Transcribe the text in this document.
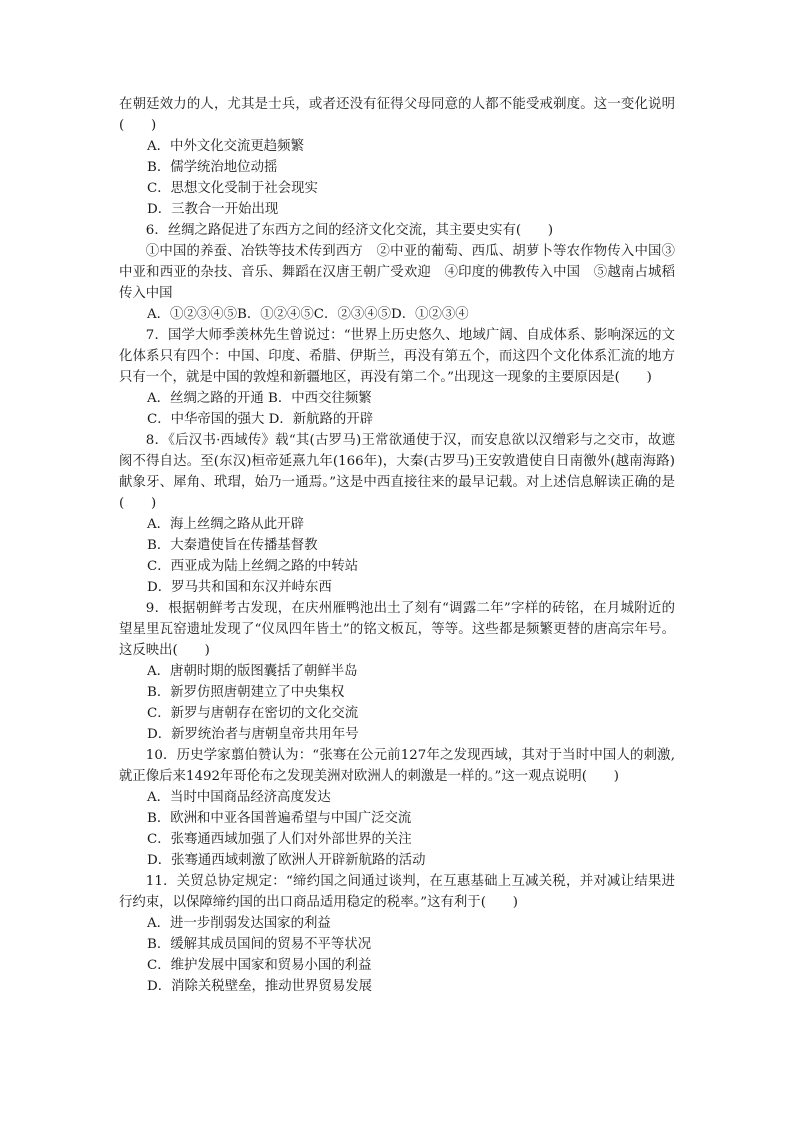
在朝廷效力的人，尤其是士兵，或者还没有征得父母同意的人都不能受戒剃度。这一变化说明(　　)

A．中外文化交流更趋频繁

B．儒学统治地位动摇

C．思想文化受制于社会现实

D．三教合一开始出现

6．丝绸之路促进了东西方之间的经济文化交流，其主要史实有(　　)

①中国的养蚕、冶铁等技术传到西方　②中亚的葡萄、西瓜、胡萝卜等农作物传入中国③中亚和西亚的杂技、音乐、舞蹈在汉唐王朝广受欢迎　④印度的佛教传入中国　⑤越南占城稻传入中国

A．①②③④⑤B．①②④⑤C．②③④⑤D．①②③④

7．国学大师季羡林先生曾说过：“世界上历史悠久、地域广阔、自成体系、影响深远的文化体系只有四个：中国、印度、希腊、伊斯兰，再没有第五个，而这四个文化体系汇流的地方只有一个，就是中国的敦煌和新疆地区，再没有第二个。”出现这一现象的主要原因是(　　)

A．丝绸之路的开通 B．中西交往频繁

C．中华帝国的强大 D．新航路的开辟

8．《后汉书·西域传》载“其(古罗马)王常欲通使于汉，而安息欲以汉缯彩与之交市，故遮阂不得自达。至(东汉)桓帝延熹九年(166年)，大秦(古罗马)王安敦遣使自日南徼外(越南海路)献象牙、犀角、玳瑁，始乃一通焉。”这是中西直接往来的最早记载。对上述信息解读正确的是(　　)

A．海上丝绸之路从此开辟

B．大秦遣使旨在传播基督教

C．西亚成为陆上丝绸之路的中转站

D．罗马共和国和东汉并峙东西

9．根据朝鲜考古发现，在庆州雁鸭池出土了刻有“调露二年”字样的砖铭，在月城附近的望星里瓦窑遗址发现了“仪凤四年皆土”的铭文板瓦，等等。这些都是频繁更替的唐高宗年号。这反映出(　　)

A．唐朝时期的版图囊括了朝鲜半岛

B．新罗仿照唐朝建立了中央集权

C．新罗与唐朝存在密切的文化交流

D．新罗统治者与唐朝皇帝共用年号

10．历史学家翦伯赞认为：“张骞在公元前127年之发现西域，其对于当时中国人的刺激,就正像后来1492年哥伦布之发现美洲对欧洲人的刺激是一样的。”这一观点说明(　　)

A．当时中国商品经济高度发达

B．欧洲和中亚各国普遍希望与中国广泛交流

C．张骞通西域加强了人们对外部世界的关注

D．张骞通西域刺激了欧洲人开辟新航路的活动

11．关贸总协定规定：“缔约国之间通过谈判，在互惠基础上互减关税，并对减让结果进行约束，以保障缔约国的出口商品适用稳定的税率。”这有利于(　　)

A．进一步削弱发达国家的利益

B．缓解其成员国间的贸易不平等状况

C．维护发展中国家和贸易小国的利益

D．消除关税壁垒，推动世界贸易发展
